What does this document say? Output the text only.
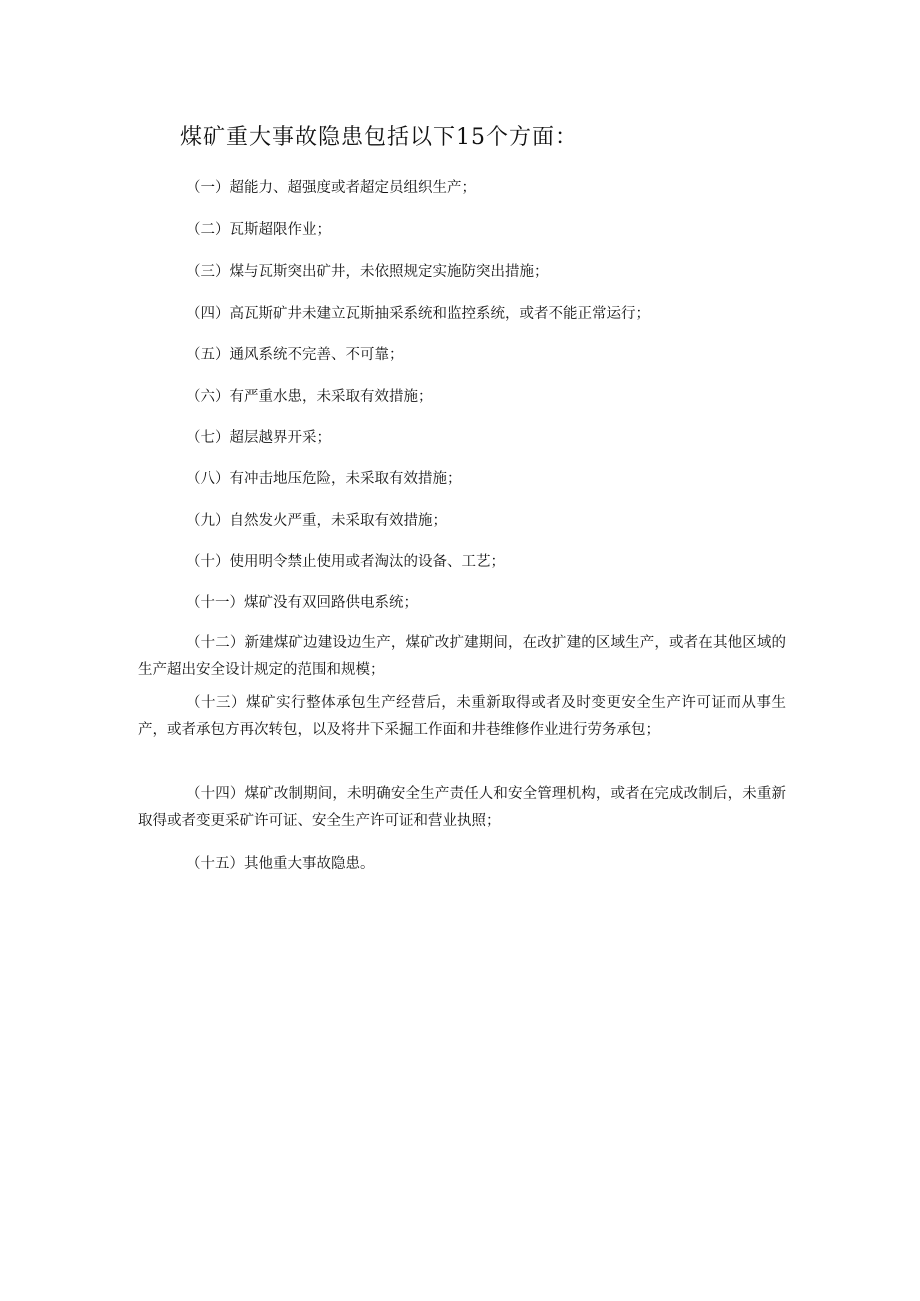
煤矿重大事故隐患包括以下15个方面：

（一）超能力、超强度或者超定员组织生产；

（二）瓦斯超限作业；

（三）煤与瓦斯突出矿井，未依照规定实施防突出措施；

（四）高瓦斯矿井未建立瓦斯抽采系统和监控系统，或者不能正常运行；

（五）通风系统不完善、不可靠；

（六）有严重水患，未采取有效措施；

（七）超层越界开采；

（八）有冲击地压危险，未采取有效措施；

（九）自然发火严重，未采取有效措施；

（十）使用明令禁止使用或者淘汰的设备、工艺；

（十一）煤矿没有双回路供电系统；

（十二）新建煤矿边建设边生产，煤矿改扩建期间，在改扩建的区域生产，或者在其他区域的生产超出安全设计规定的范围和规模；

（十三）煤矿实行整体承包生产经营后，未重新取得或者及时变更安全生产许可证而从事生产，或者承包方再次转包，以及将井下采掘工作面和井巷维修作业进行劳务承包；

（十四）煤矿改制期间，未明确安全生产责任人和安全管理机构，或者在完成改制后，未重新取得或者变更采矿许可证、安全生产许可证和营业执照；

（十五）其他重大事故隐患。
